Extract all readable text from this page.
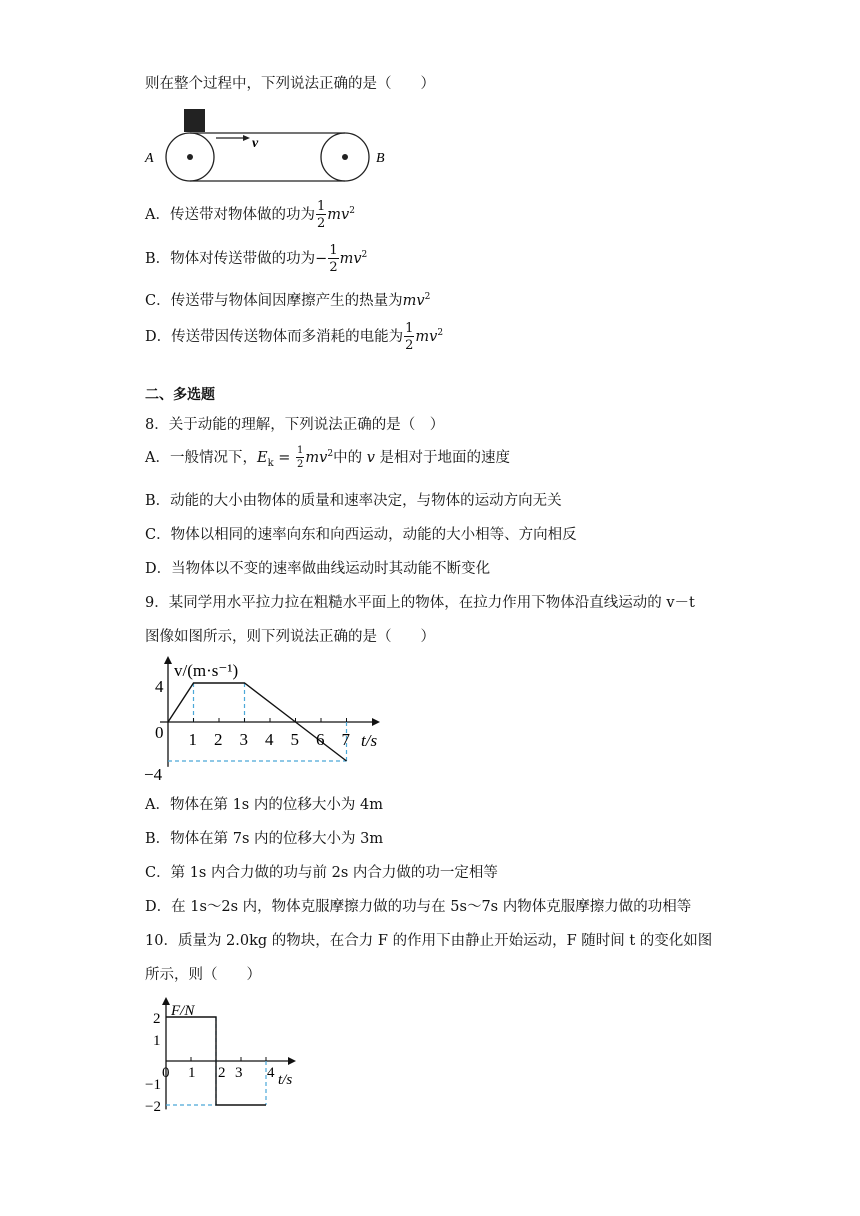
则在整个过程中，下列说法正确的是（　　）
v
A	B
A．传送带对物体做的功为 $\frac{1}{2} mv^2$
B．物体对传送带做的功为− $\frac{1}{2} mv^2$
C．传送带与物体间因摩擦产生的热量为$mv^2$
D．传送带因传送物体而多消耗的电能为 $\frac{1}{2} mv^2$
二、多选题
8．关于动能的理解，下列说法正确的是（　）
A．一般情况下，$E_k = \frac{1}{2} mv^2$中的 v 是相对于地面的速度
B．动能的大小由物体的质量和速率决定，与物体的运动方向无关
C．物体以相同的速率向东和向西运动，动能的大小相等、方向相反
D．当物体以不变的速率做曲线运动时其动能不断变化
9．某同学用水平拉力拉在粗糙水平面上的物体，在拉力作用下物体沿直线运动的 v－t
图像如图所示，则下列说法正确的是（　　）
1 2 3 4 5 6 7
4
0
−4
v/(m·s⁻¹)
t/s
A．物体在第 1s 内的位移大小为 4m
B．物体在第 7s 内的位移大小为 3m
C．第 1s 内合力做的功与前 2s 内合力做的功一定相等
D．在 1s～2s 内，物体克服摩擦力做的功与在 5s～7s 内物体克服摩擦力做的功相等
10．质量为 2.0kg 的物块，在合力 F 的作用下由静止开始运动，F 随时间 t 的变化如图
所示，则（　　）
0 1 2 3 4
2
1
−1
−2
F/N
t/s
